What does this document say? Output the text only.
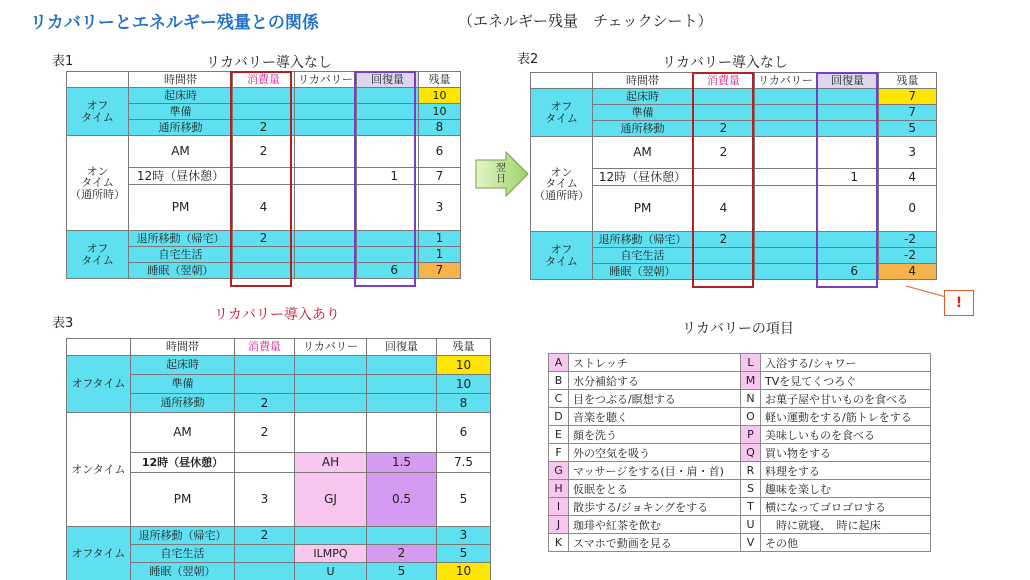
リカバリーとエネルギー残量との関係	（エネルギー残量　チェックシート）
表1	リカバリー導入なし
	時間帯	消費量	リカバリー	回復量	残量
オフ
タイム	起床時				10
	準備				10
	通所移動	2			8
オン
タイム
（通所時）	AM	2			6
	12時（昼休憩）			1	7
	PM	4			3
オフ
タイム	退所移動（帰宅）	2			1
	自宅生活				1
	睡眠（翌朝）			6	7
翌
日
表2	リカバリー導入なし
	時間帯	消費量	リカバリー	回復量	残量
オフ
タイム	起床時				7
	準備				7
	通所移動	2			5
オン
タイム
（通所時）	AM	2			3
	12時（昼休憩）			1	4
	PM	4			0
オフ
タイム	退所移動（帰宅）	2			-2
	自宅生活				-2
	睡眠（翌朝）			6	4
!
表3
リカバリー導入あり
	時間帯	消費量	リカバリー	回復量	残量
オフタイム	起床時				10
	準備				10
	通所移動	2			8
オンタイム	AM	2			6
	12時（昼休憩）		AH	1.5	7.5
	PM	3	GJ	0.5	5
オフタイム	退所移動（帰宅）	2			3
	自宅生活		ILMPQ	2	5
	睡眠（翌朝）		U	5	10
リカバリーの項目
A	ストレッチ	L	入浴する/シャワー
B	水分補給する	M	TVを見てくつろぐ
C	目をつぶる/瞑想する	N	お菓子屋や甘いものを食べる
D	音楽を聴く	O	軽い運動をする/筋トレをする
E	顔を洗う	P	美味しいものを食べる
F	外の空気を吸う	Q	買い物をする
G	マッサージをする(目・肩・首)	R	料理をする
H	仮眠をとる	S	趣味を楽しむ
I	散歩する/ジョキングをする	T	横になってゴロゴロする
J	珈琲や紅茶を飲む	U	　時に就寝、　時に起床
K	スマホで動画を見る	V	その他
